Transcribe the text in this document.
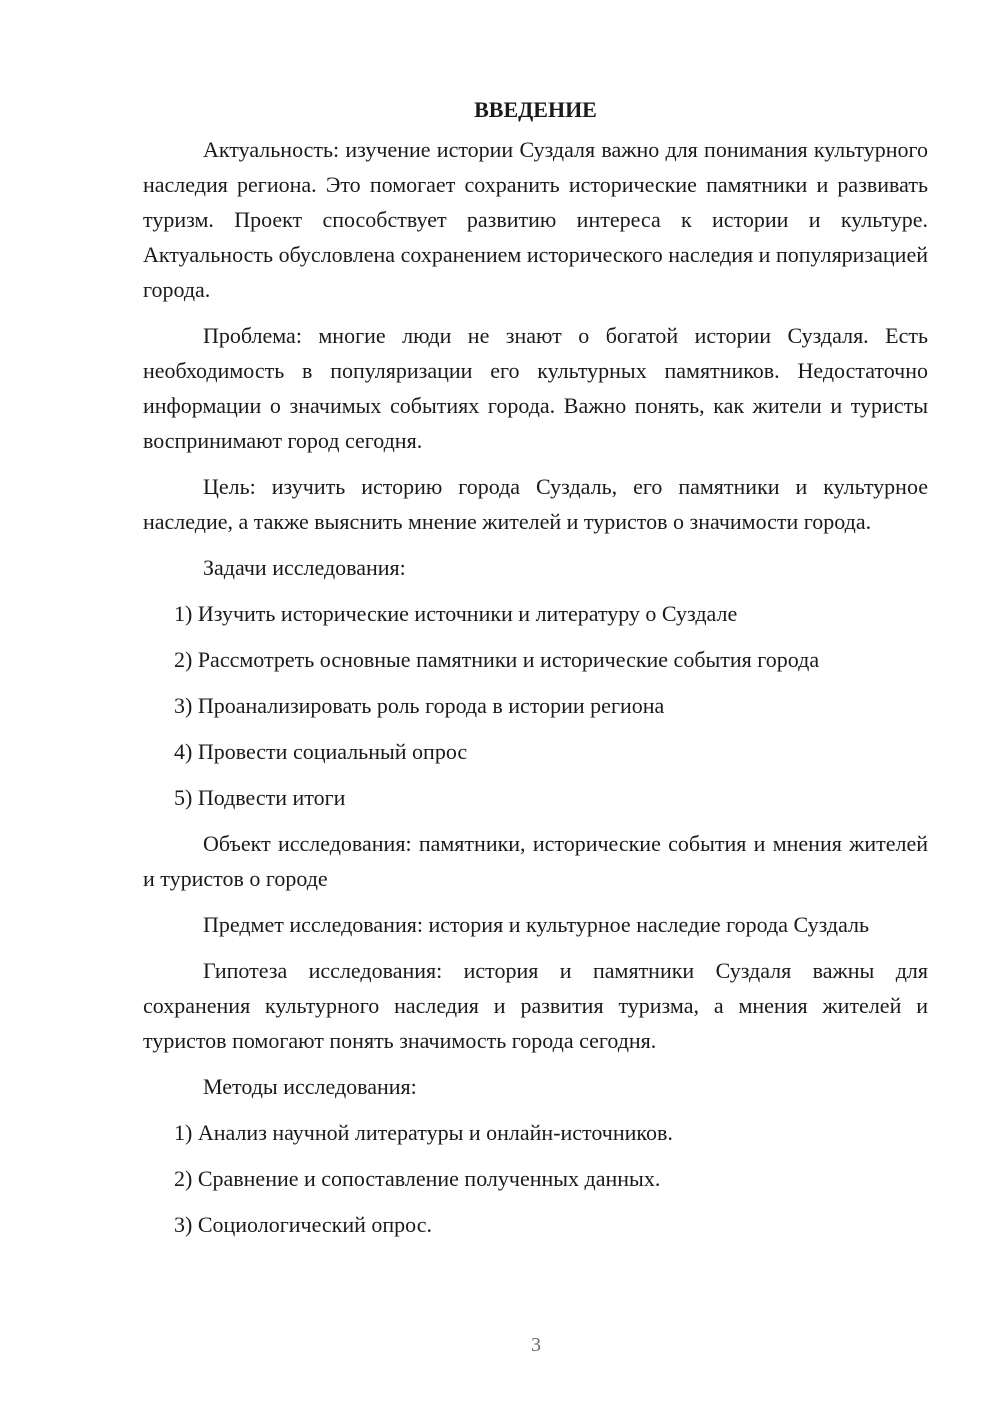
ВВЕДЕНИЕ

Актуальность: изучение истории Суздаля важно для понимания культурного наследия региона. Это помогает сохранить исторические памятники и развивать туризм. Проект способствует развитию интереса к истории и культуре. Актуальность обусловлена сохранением исторического наследия и популяризацией города.

Проблема: многие люди не знают о богатой истории Суздаля. Есть необходимость в популяризации его культурных памятников. Недостаточно информации о значимых событиях города. Важно понять, как жители и туристы воспринимают город сегодня.

Цель: изучить историю города Суздаль, его памятники и культурное наследие, а также выяснить мнение жителей и туристов о значимости города.

Задачи исследования:

1) Изучить исторические источники и литературу о Суздале
2) Рассмотреть основные памятники и исторические события города
3) Проанализировать роль города в истории региона
4) Провести социальный опрос
5) Подвести итоги

Объект исследования: памятники, исторические события и мнения жителей и туристов о городе

Предмет исследования: история и культурное наследие города Суздаль

Гипотеза исследования: история и памятники Суздаля важны для сохранения культурного наследия и развития туризма, а мнения жителей и туристов помогают понять значимость города сегодня.

Методы исследования:

1) Анализ научной литературы и онлайн-источников.
2) Сравнение и сопоставление полученных данных.
3) Социологический опрос.
3
